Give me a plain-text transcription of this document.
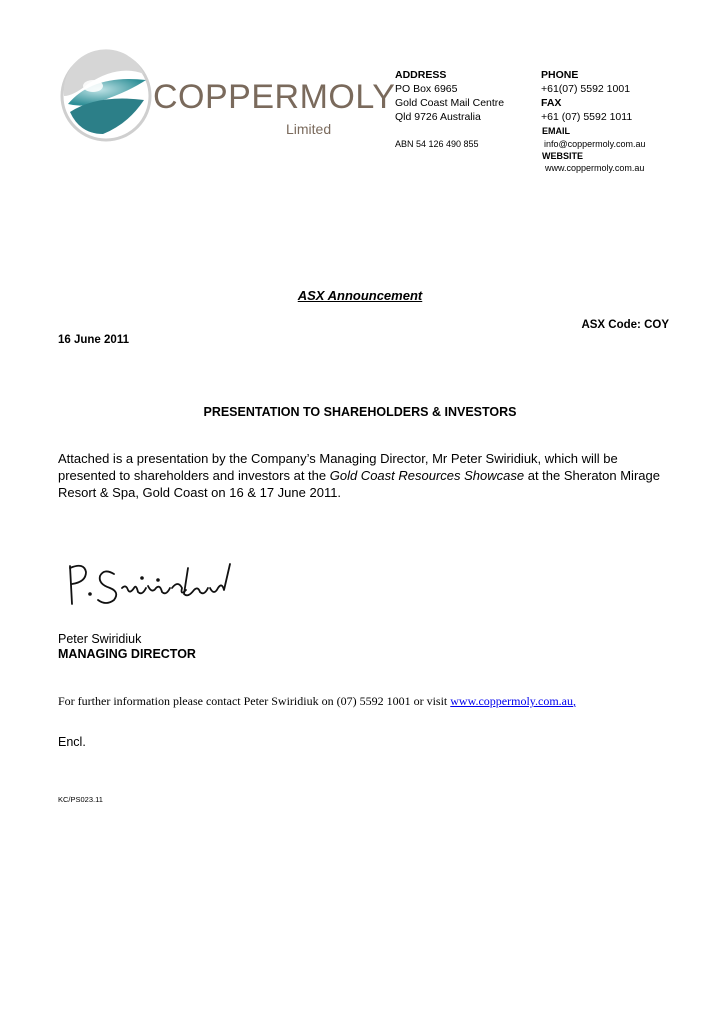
COPPERMOLY
Limited
ADDRESS
PO Box 6965
Gold Coast Mail Centre
Qld 9726 Australia
ABN 54 126 490 855
PHONE
+61(07) 5592 1001
FAX
+61 (07) 5592 1011
EMAIL
info@coppermoly.com.au
WEBSITE
www.coppermoly.com.au
ASX Announcement
ASX Code: COY
16 June 2011
PRESENTATION TO SHAREHOLDERS & INVESTORS
Attached is a presentation by the Company’s Managing Director, Mr Peter Swiridiuk, which will be presented to shareholders and investors at the Gold Coast Resources Showcase at the Sheraton Mirage Resort & Spa, Gold Coast on 16 & 17 June 2011.
Peter Swiridiuk
MANAGING DIRECTOR
For further information please contact Peter Swiridiuk on (07) 5592 1001 or visit www.coppermoly.com.au,
Encl.
KC/PS023.11
